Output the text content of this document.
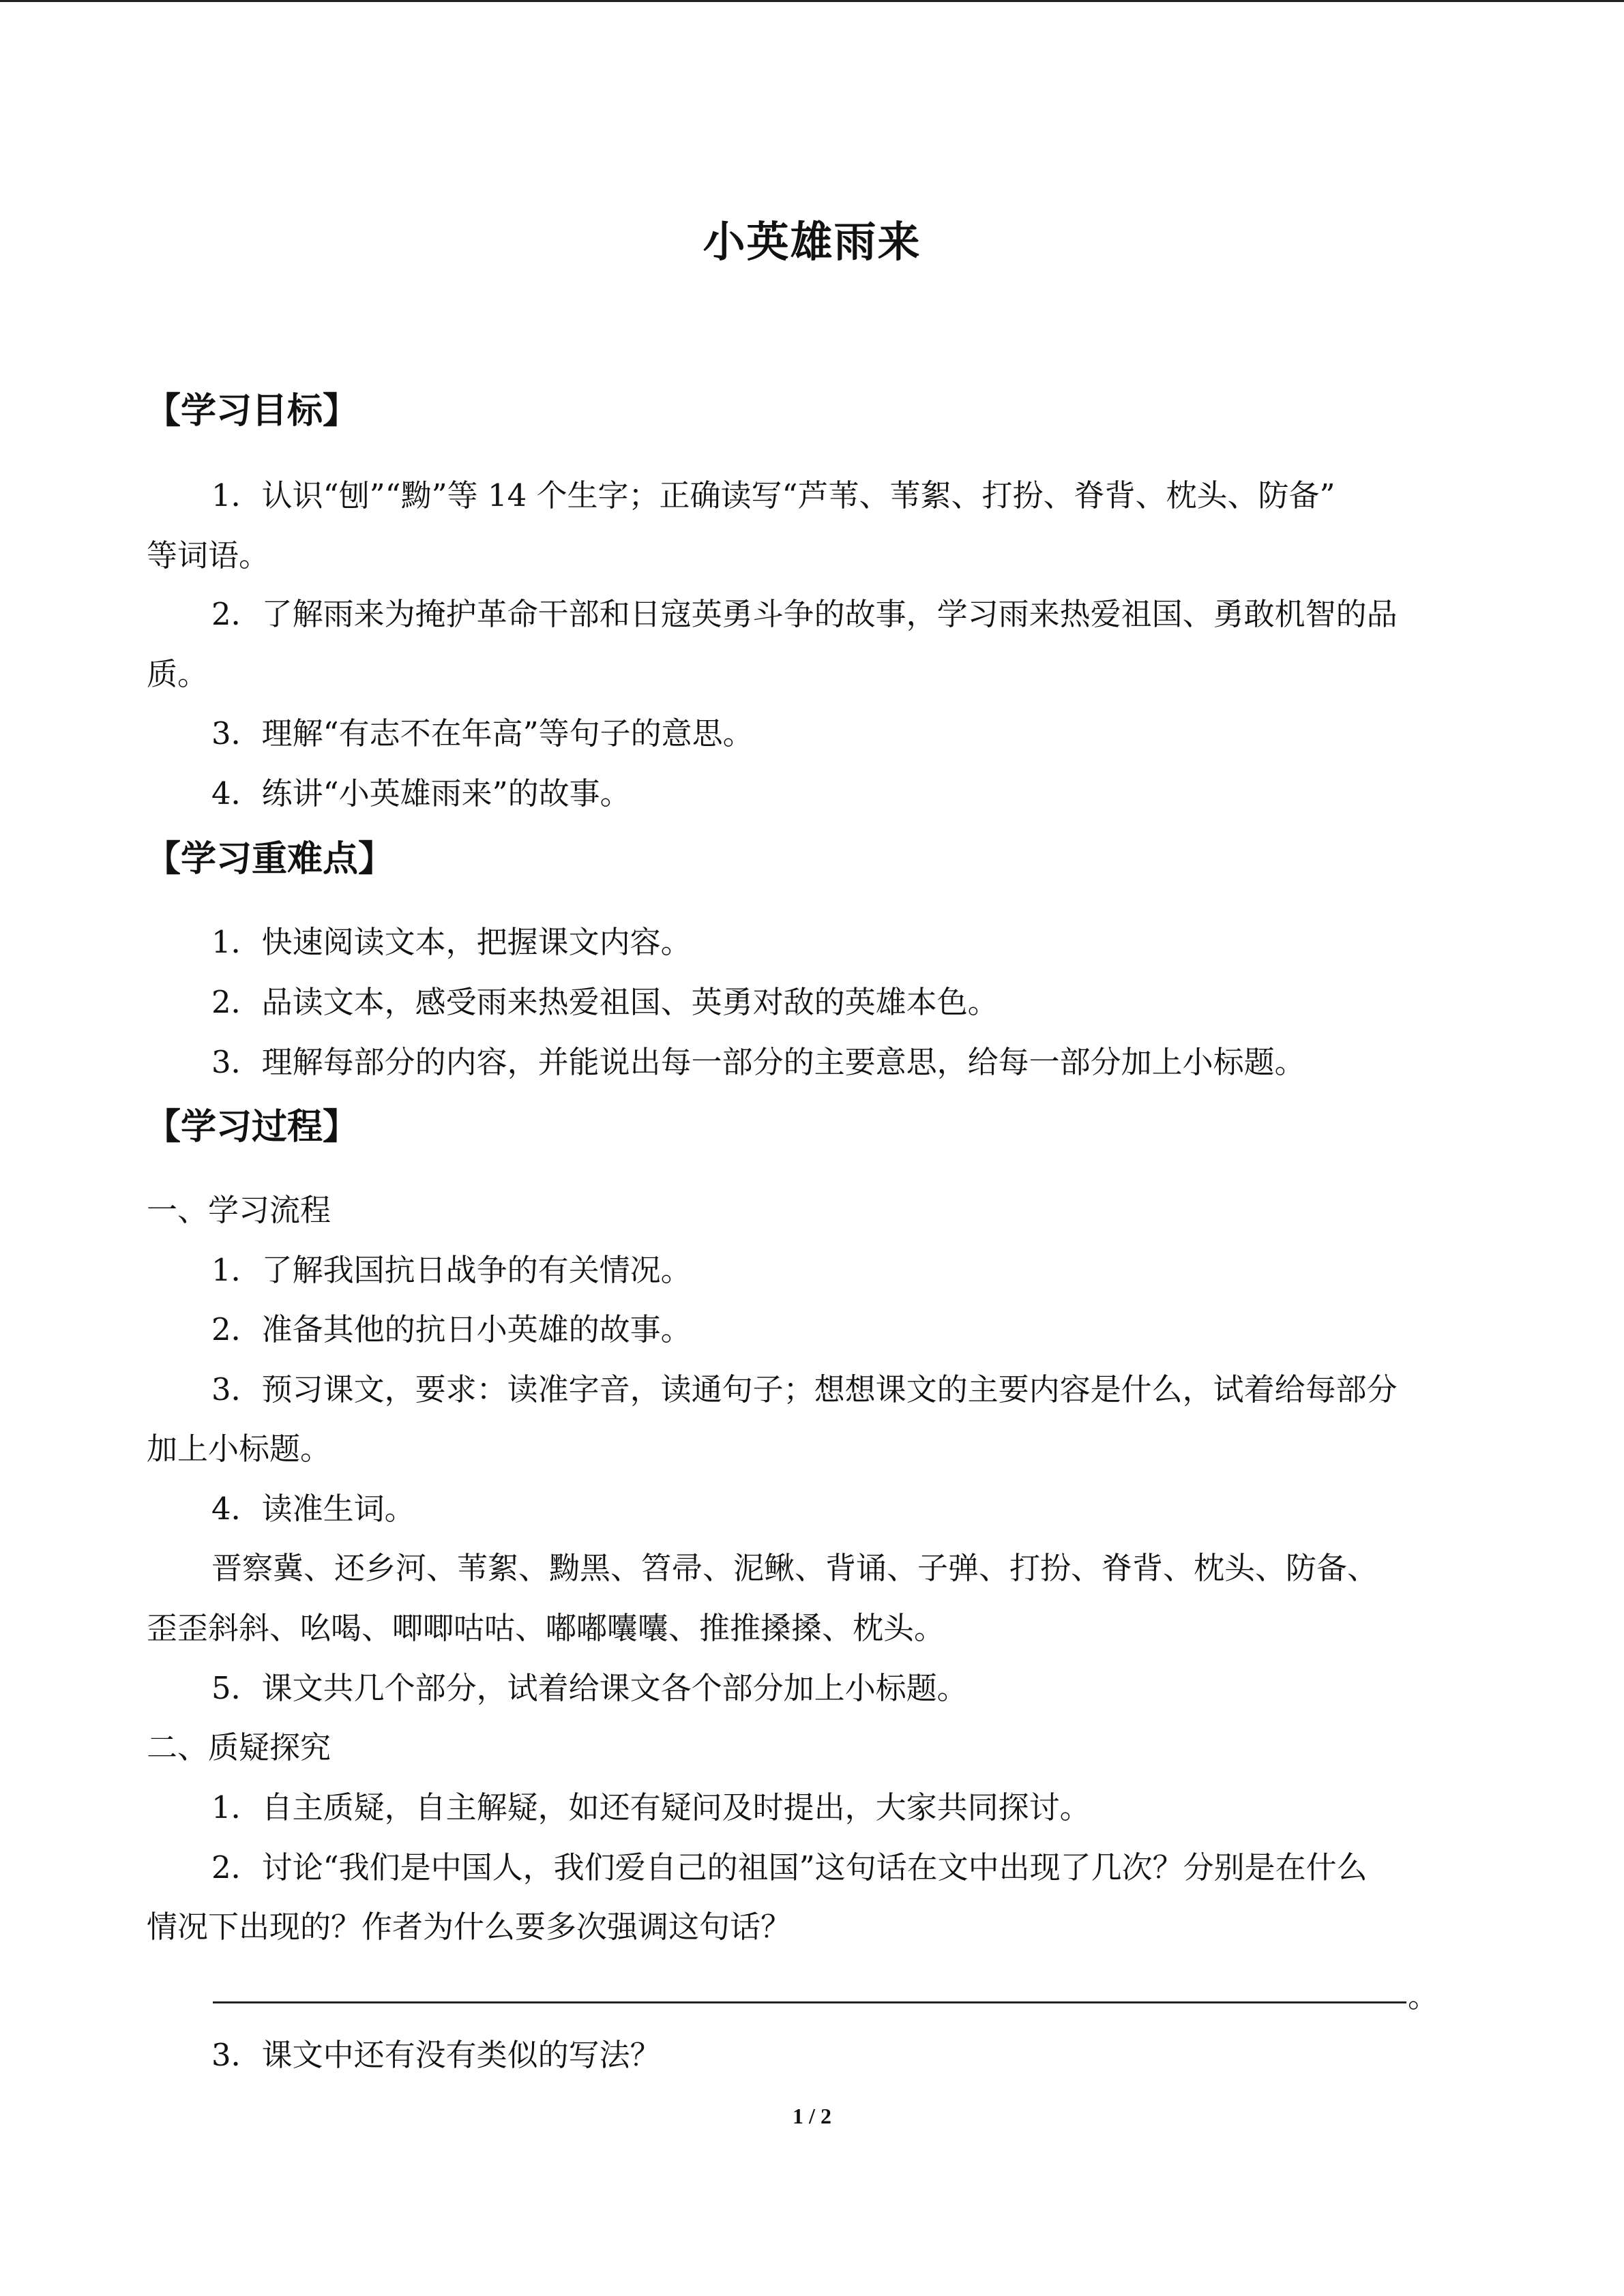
小英雄雨来
【学习目标】
1．认识“刨”“黝”等 14 个生字；正确读写“芦苇、苇絮、打扮、脊背、枕头、防备”
等词语。
2．了解雨来为掩护革命干部和日寇英勇斗争的故事，学习雨来热爱祖国、勇敢机智的品
质。
3．理解“有志不在年高”等句子的意思。
4．练讲“小英雄雨来”的故事。
【学习重难点】
1．快速阅读文本，把握课文内容。
2．品读文本，感受雨来热爱祖国、英勇对敌的英雄本色。
3．理解每部分的内容，并能说出每一部分的主要意思，给每一部分加上小标题。
【学习过程】
一、学习流程
1．了解我国抗日战争的有关情况。
2．准备其他的抗日小英雄的故事。
3．预习课文，要求：读准字音，读通句子；想想课文的主要内容是什么，试着给每部分
加上小标题。
4．读准生词。
晋察冀、还乡河、苇絮、黝黑、笤帚、泥鳅、背诵、子弹、打扮、脊背、枕头、防备、
歪歪斜斜、吆喝、唧唧咕咕、嘟嘟囔囔、推推搡搡、枕头。
5．课文共几个部分，试着给课文各个部分加上小标题。
二、质疑探究
1．自主质疑，自主解疑，如还有疑问及时提出，大家共同探讨。
2．讨论“我们是中国人，我们爱自己的祖国”这句话在文中出现了几次？分别是在什么
情况下出现的？作者为什么要多次强调这句话？
。
3．课文中还有没有类似的写法？
1 / 2
